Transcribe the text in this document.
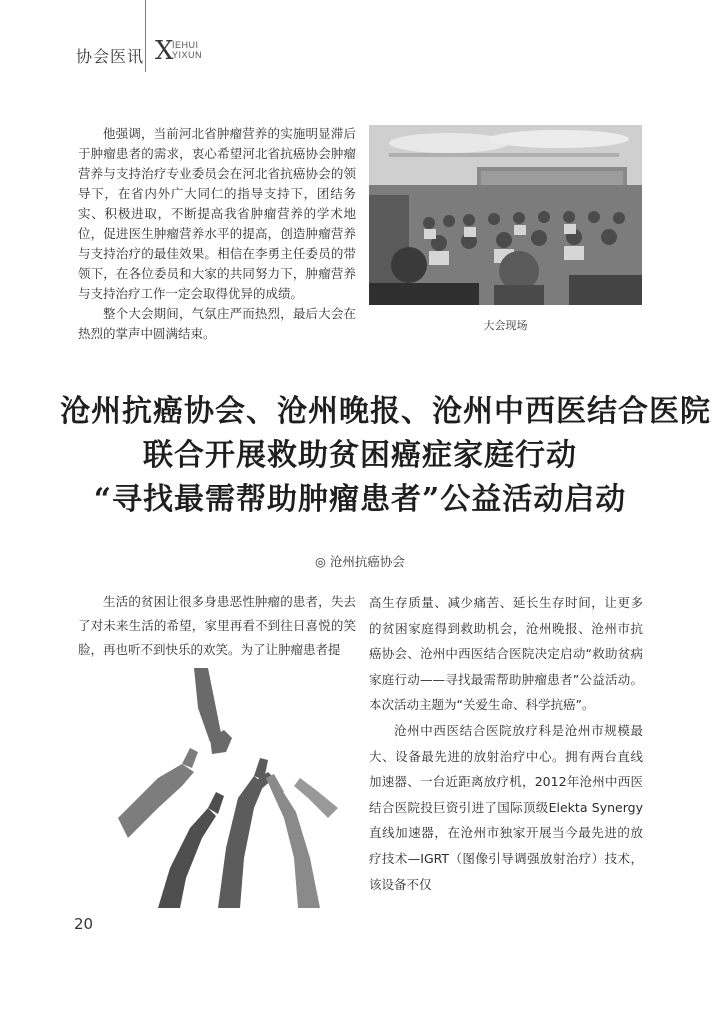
协会医讯 X
IEHUI
YIXUN

他强调，当前河北省肿瘤营养的实施明显滞后于肿瘤患者的需求，衷心希望河北省抗癌协会肿瘤营养与支持治疗专业委员会在河北省抗癌协会的领导下，在省内外广大同仁的指导支持下，团结务实、积极进取，不断提高我省肿瘤营养的学术地位，促进医生肿瘤营养水平的提高，创造肿瘤营养与支持治疗的最佳效果。相信在李勇主任委员的带领下，在各位委员和大家的共同努力下，肿瘤营养与支持治疗工作一定会取得优异的成绩。

整个大会期间，气氛庄严而热烈，最后大会在热烈的掌声中圆满结束。

大会现场
沧州抗癌协会、沧州晚报、沧州中西医结合医院
联合开展救助贫困癌症家庭行动
“寻找最需帮助肿瘤患者”公益活动启动
◎ 沧州抗癌协会

生活的贫困让很多身患恶性肿瘤的患者，失去了对未来生活的希望，家里再看不到往日喜悦的笑脸，再也听不到快乐的欢笑。为了让肿瘤患者提

高生存质量、减少痛苦、延长生存时间，让更多的贫困家庭得到救助机会，沧州晚报、沧州市抗癌协会、沧州中西医结合医院决定启动“救助贫病家庭行动——寻找最需帮助肿瘤患者”公益活动。本次活动主题为“关爱生命、科学抗癌”。

沧州中西医结合医院放疗科是沧州市规模最大、设备最先进的放射治疗中心。拥有两台直线加速器、一台近距离放疗机，2012年沧州中西医结合医院投巨资引进了国际顶级Elekta Synergy 直线加速器，在沧州市独家开展当今最先进的放疗技术—IGRT（图像引导调强放射治疗）技术，该设备不仅

20
